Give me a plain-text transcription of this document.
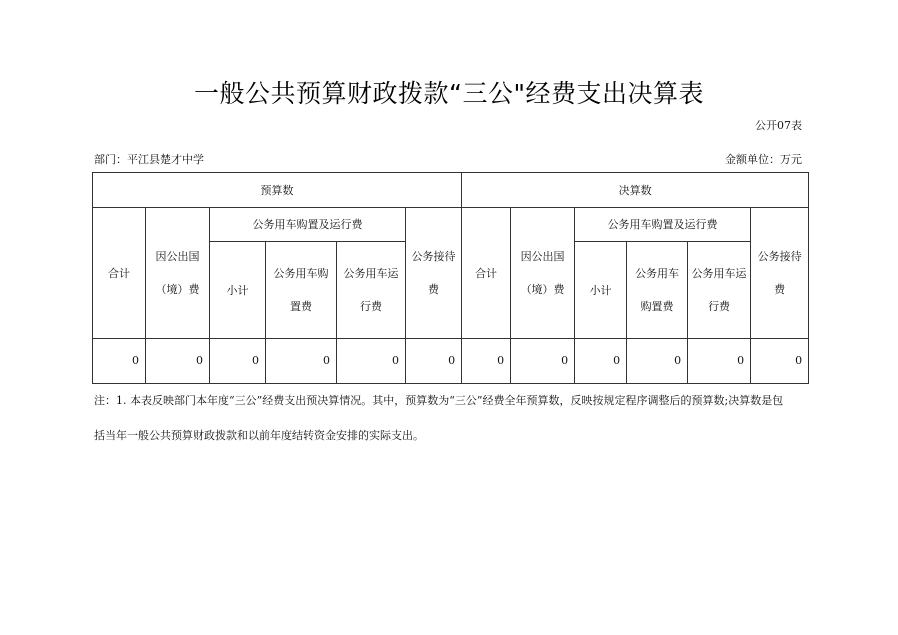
一般公共预算财政拨款“三公"经费支出决算表
公开07表
部门：平江县楚才中学	金额单位：万元
预算数						决算数					
合计	因公出国（境）费	公务用车购置及运行费			公务接待费	合计	因公出国（境）费	公务用车购置及运行费			公务接待费
		小计	公务用车购置费	公务用车运行费				小计	公务用车购置费	公务用车运行费	
0	0	0	0	0	0	0	0	0	0	0	0
注：1. 本表反映部门本年度“三公”经费支出预决算情况。其中，预算数为“三公”经费全年预算数，反映按规定程序调整后的预算数;决算数是包
括当年一般公共预算财政拨款和以前年度结转资金安排的实际支出。
